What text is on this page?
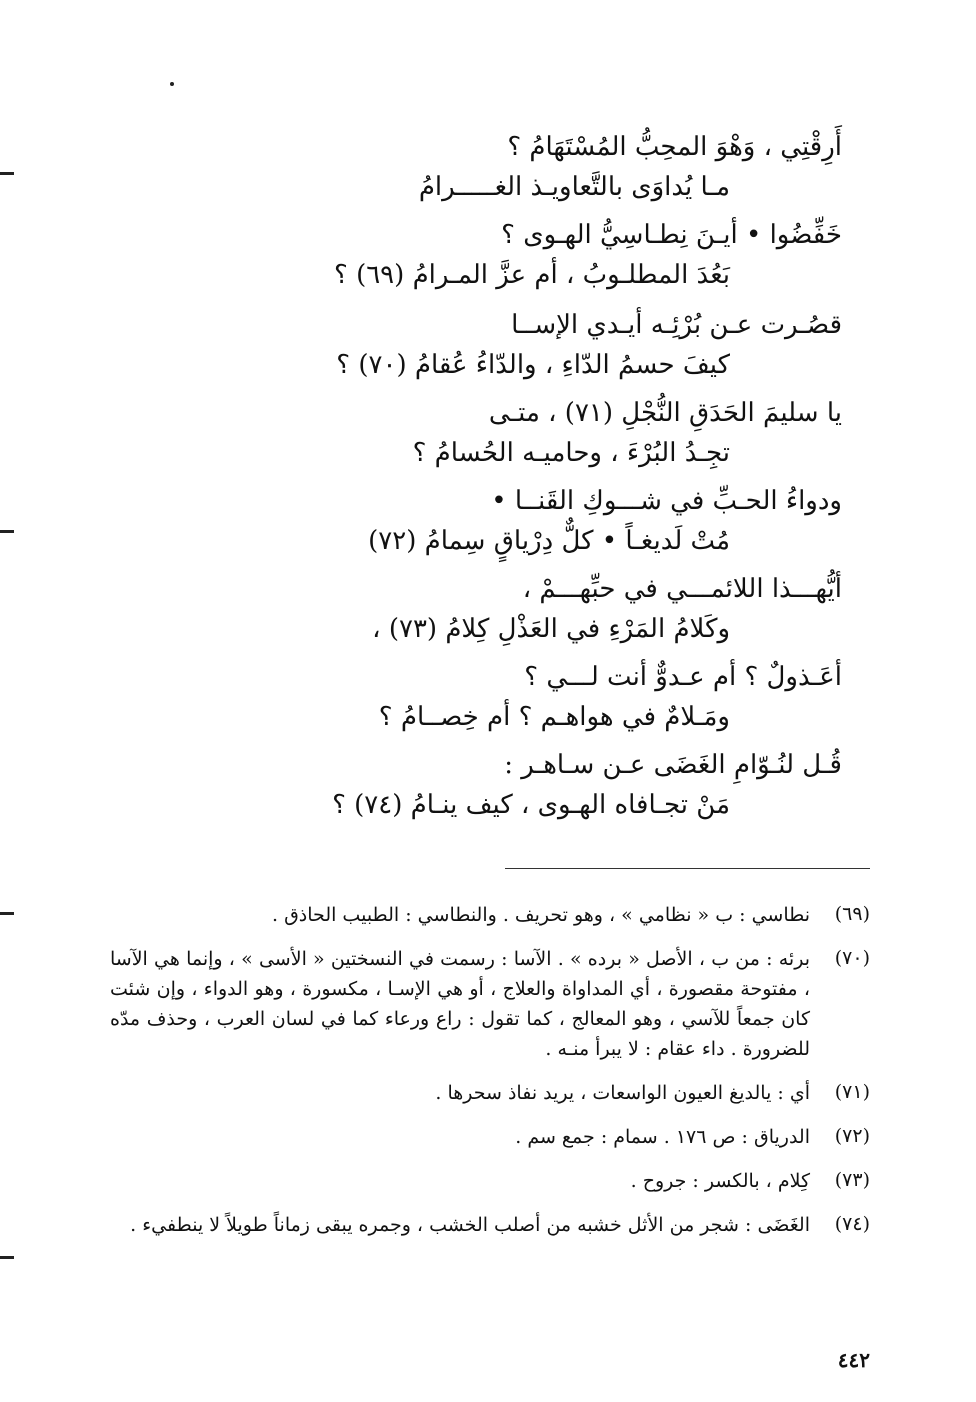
أَرِقْتِي ، وَهْوَ المحِبُّ المُسْتَهَامُ ؟
مـا يُداوَى بالتَّعاويـذ الغـــــرامُ
خَفِّضُوا • أيـنَ نِطـاسِيُّ الهـوى ؟
بَعُدَ المطلـوبُ ، أم عزَّ المـرامُ (٦٩) ؟
قصُـرت عـن بُرْئِـه أيـدي الإســا
كيفَ حسمُ الدّاءِ ، والدّاءُ عُقامُ (٧٠) ؟
يا سليمَ الحَدَقِ النُّجْلِ (٧١) ، متـى
تجِـدُ البُرْءَ ، وحاميـه الحُسامُ ؟
ودواءُ الحـبِّ في شـــوكِ القَنــا •
مُتْ لَديغـاً • كلٌّ دِرْياقٍ سِمامُ (٧٢)
أيُّهـــذا اللائمـــي في حبِّهـــمْ ،
وكَلامُ المَرْءِ في العَذْلِ كِلامُ (٧٣) ،
أعَـذولٌ ؟ أم عـدوٌّ أنت لـــي ؟
ومَـلامٌ في هواهـم ؟ أم خِصــامُ ؟
قُـل لنُـوّامِ الغَضَى عـن سـاهـر :
مَنْ تجـافاه الهـوى ، كيف ينـامُ (٧٤) ؟
(٦٩)
نطاسي : ب « نظامي » ، وهو تحريف . والنطاسي : الطبيب الحاذق .
(٧٠)
برئه : من ب ، الأصل « برده » . الآسا : رسمت في النسختين « الأسى » ، وإنما هي الآسا ، مفتوحة مقصورة ، أي المداواة والعلاج ، أو هي الإسـا ، مكسورة ، وهو الدواء ، وإن شئت كان جمعاً للآسي ، وهو المعالج ، كما تقول : راع ورعاء كما في لسان العرب ، وحذف مدّه للضرورة . داء عقام : لا يبرأ منـه .
(٧١)
أي : يالديغ العيون الواسعات ، يريد نفاذ سحرها .
(٧٢)
الدرياق : ص ١٧٦ . سمام : جمع سم .
(٧٣)
كِلام ، بالكسر : جروح .
(٧٤)
الغَضَى : شجر من الأثل خشبه من أصلب الخشب ، وجمره يبقى زماناً طويلاً لا ينطفيء .
٤٤٢
